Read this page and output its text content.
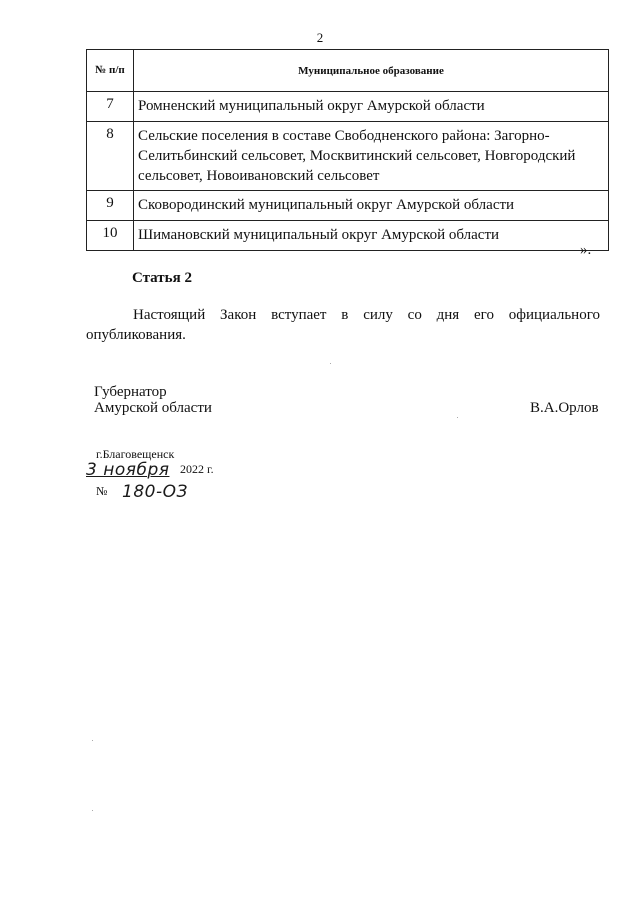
2
№ п/п	Муниципальное образование
7	Ромненский муниципальный округ Амурской области
8	Сельские поселения в составе Свободненского района: Загорно-Селитьбинский сельсовет, Москвитинский сельсовет, Новгородский сельсовет, Новоивановский сельсовет
9	Сковородинский муниципальный округ Амурской области
10	Шимановский муниципальный округ Амурской области
».
Статья 2
Настоящий Закон вступает в силу со дня его официального опубликования.
Губернатор
Амурской области	В.А.Орлов
г.Благовещенск
3 ноября 2022 г.
№ 180-ОЗ
